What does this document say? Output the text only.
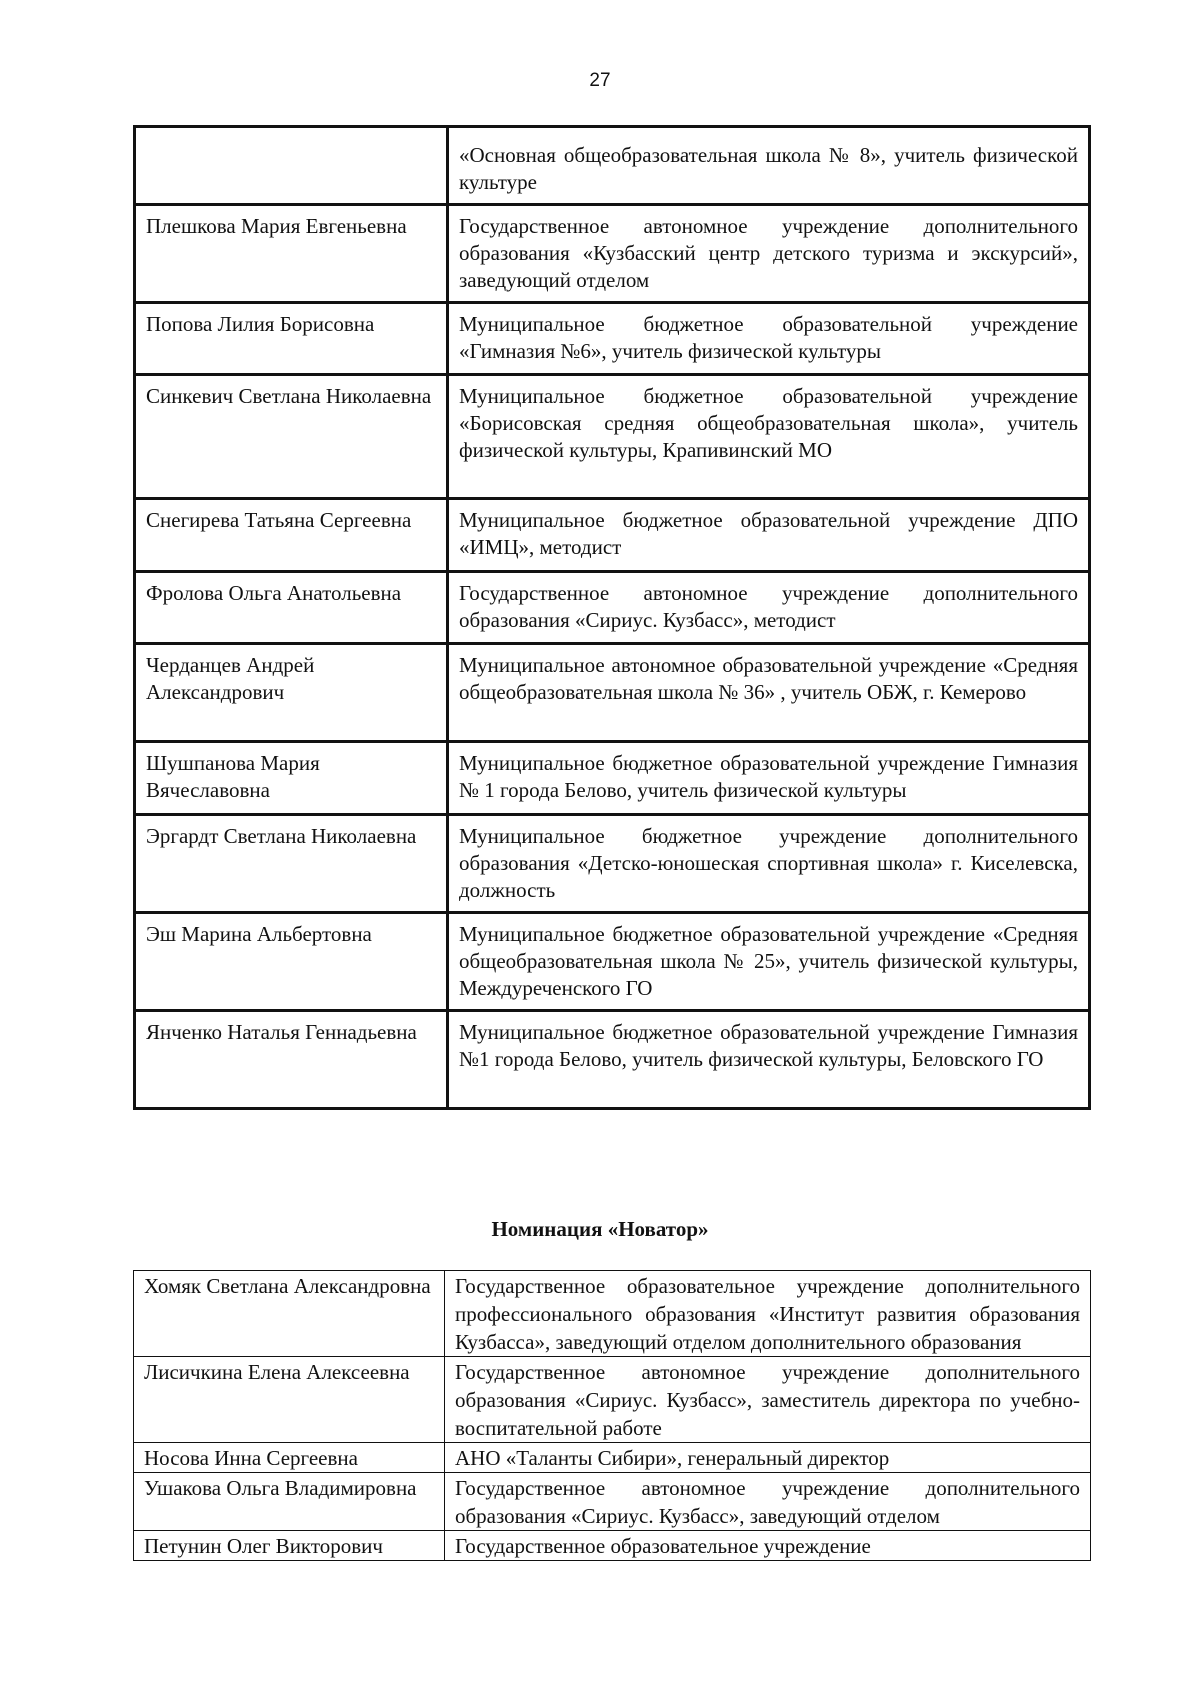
27
	«Основная общеобразовательная школа № 8», учитель физической культуре
Плешкова Мария Евгеньевна	Государственное автономное учреждение дополнительного образования «Кузбасский центр детского туризма и экскурсий», заведующий отделом
Попова Лилия Борисовна	Муниципальное бюджетное образовательной учреждение «Гимназия №6», учитель физической культуры
Синкевич Светлана Николаевна	Муниципальное бюджетное образовательной учреждение «Борисовская средняя общеобразовательная школа», учитель физической культуры, Крапивинский МО
Снегирева Татьяна Сергеевна	Муниципальное бюджетное образовательной учреждение ДПО «ИМЦ», методист
Фролова Ольга Анатольевна	Государственное автономное учреждение дополнительного образования «Сириус. Кузбасс», методист
Черданцев Андрей Александрович	Муниципальное автономное образовательной учреждение «Средняя общеобразовательная школа № 36» , учитель ОБЖ, г. Кемерово
Шушпанова Мария Вячеславовна	Муниципальное бюджетное образовательной учреждение Гимназия № 1 города Белово, учитель физической культуры
Эргардт Светлана Николаевна	Муниципальное бюджетное учреждение дополнительного образования «Детско-юношеская спортивная школа» г. Киселевска, должность
Эш Марина Альбертовна	Муниципальное бюджетное образовательной учреждение «Средняя общеобразовательная школа № 25», учитель физической культуры, Междуреченского ГО
Янченко Наталья Геннадьевна	Муниципальное бюджетное образовательной учреждение Гимназия №1 города Белово, учитель физической культуры, Беловского ГО
Номинация «Новатор»
Хомяк Светлана Александровна	Государственное образовательное учреждение дополнительного профессионального образования «Институт развития образования Кузбасса», заведующий отделом дополнительного образования
Лисичкина Елена Алексеевна	Государственное автономное учреждение дополнительного образования «Сириус. Кузбасс», заместитель директора по учебно-воспитательной работе
Носова Инна Сергеевна	АНО «Таланты Сибири», генеральный директор
Ушакова Ольга Владимировна	Государственное автономное учреждение дополнительного образования «Сириус. Кузбасс», заведующий отделом
Петунин Олег Викторович	Государственное образовательное учреждение
